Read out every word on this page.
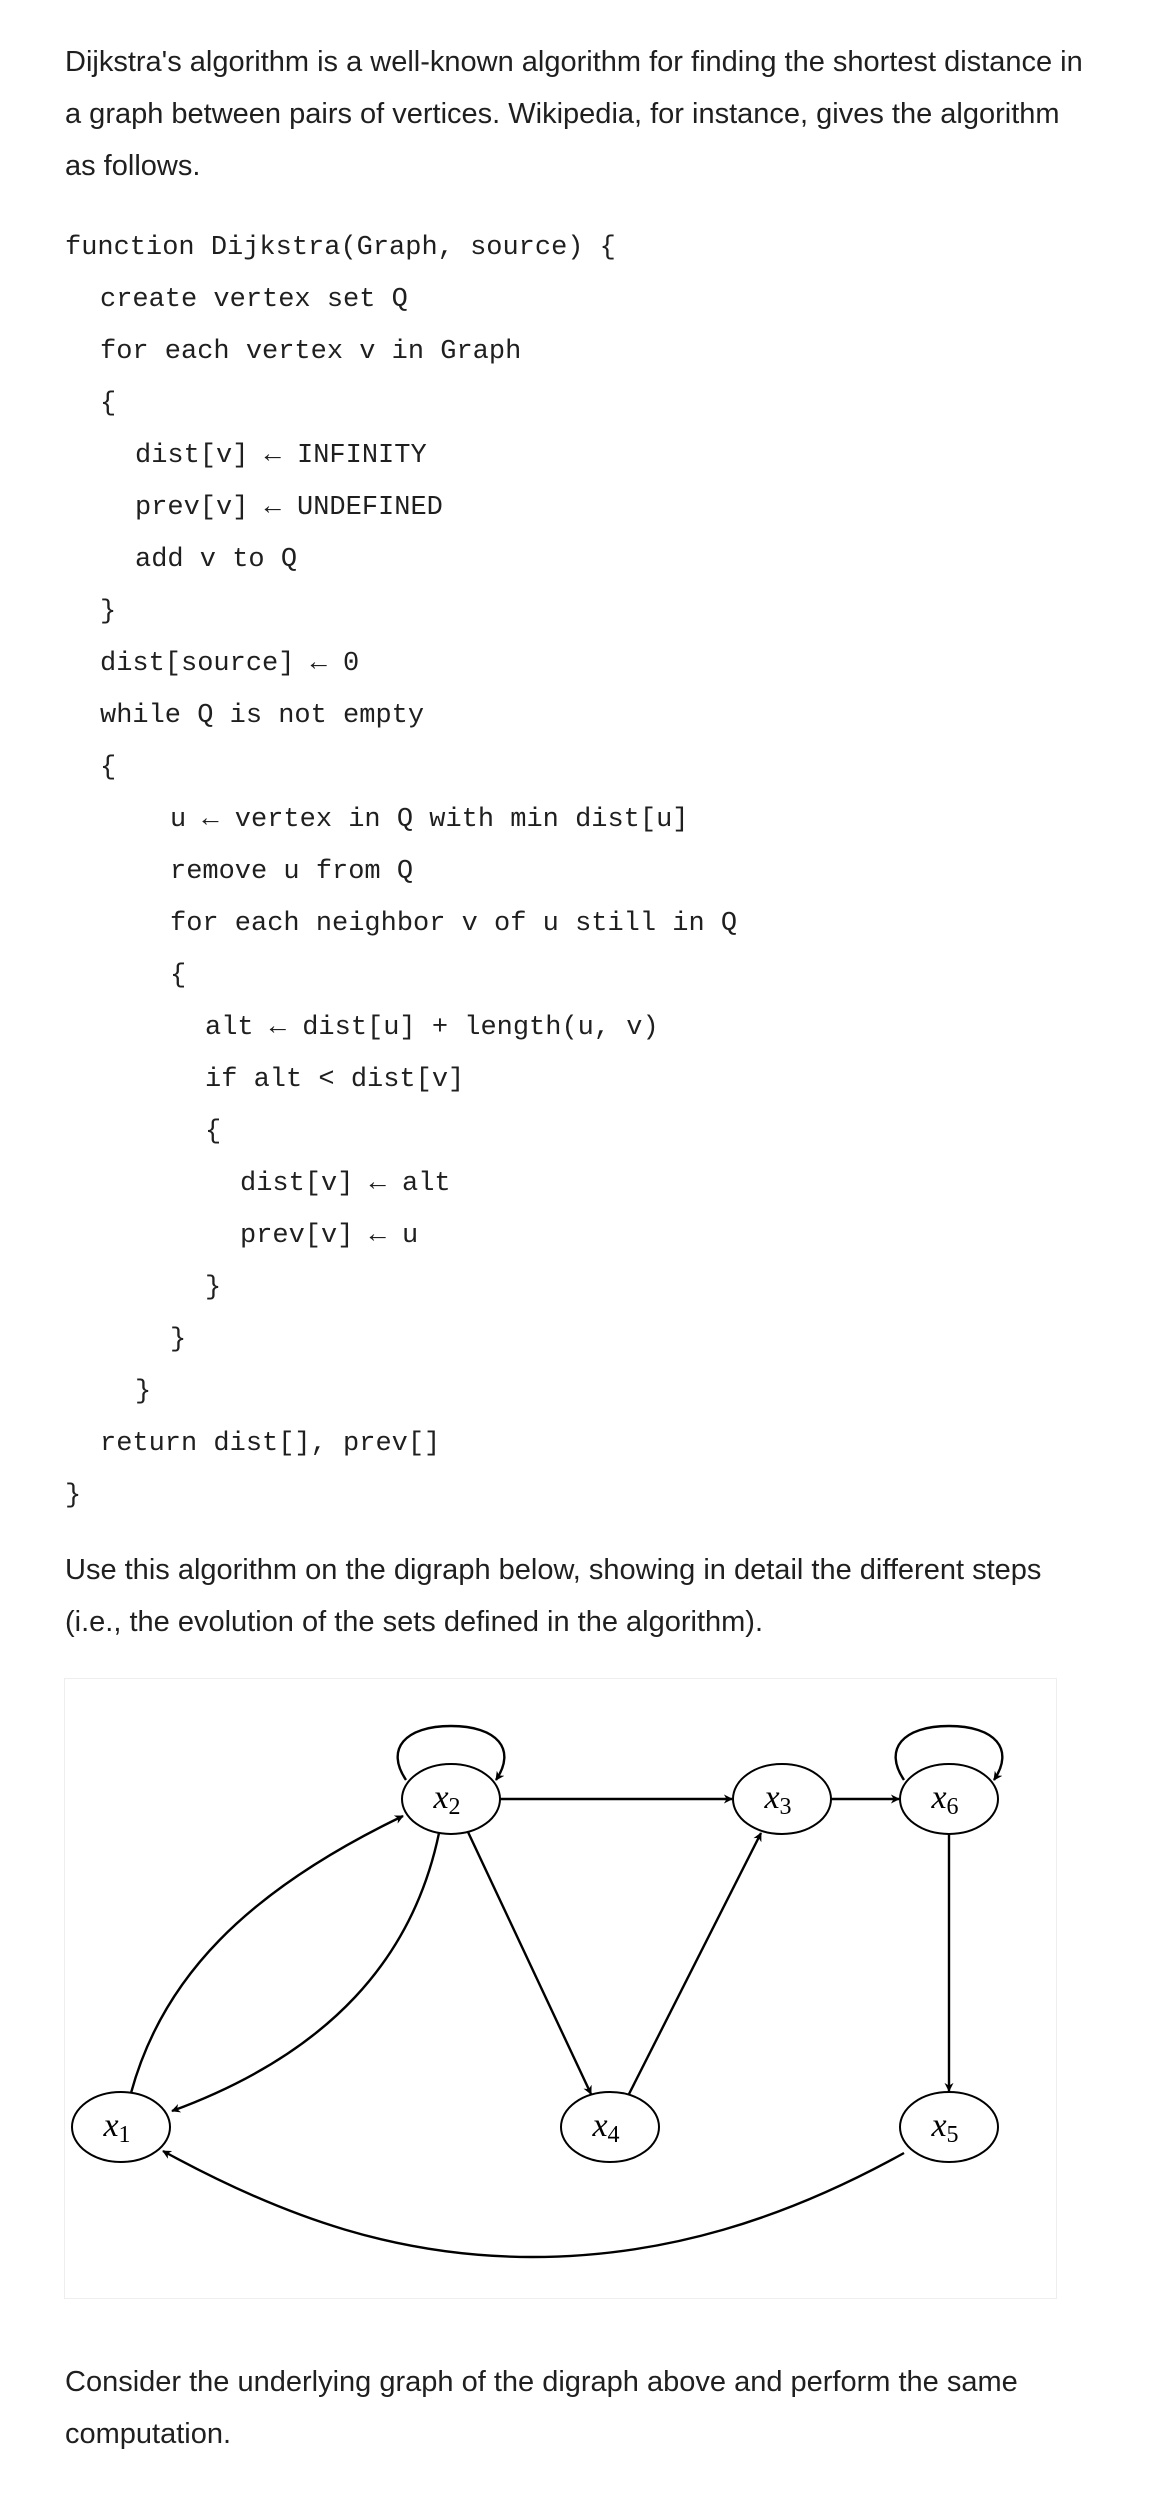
Dijkstra's algorithm is a well-known algorithm for finding the shortest distance in a graph between pairs of vertices. Wikipedia, for instance, gives the algorithm as follows.

function Dijkstra(Graph, source) {
create vertex set Q
for each vertex v in Graph
{
dist[v] ← INFINITY
prev[v] ← UNDEFINED
add v to Q
}
dist[source] ← 0
while Q is not empty
{
u ← vertex in Q with min dist[u]
remove u from Q
for each neighbor v of u still in Q
{
alt ← dist[u] + length(u, v)
if alt < dist[v]
{
dist[v] ← alt
prev[v] ← u
}
}
}
return dist[], prev[]
}

Use this algorithm on the digraph below, showing in detail the different steps (i.e., the evolution of the sets defined in the algorithm).

x2	x3	x6
x1	x4	x5

Consider the underlying graph of the digraph above and perform the same computation.
